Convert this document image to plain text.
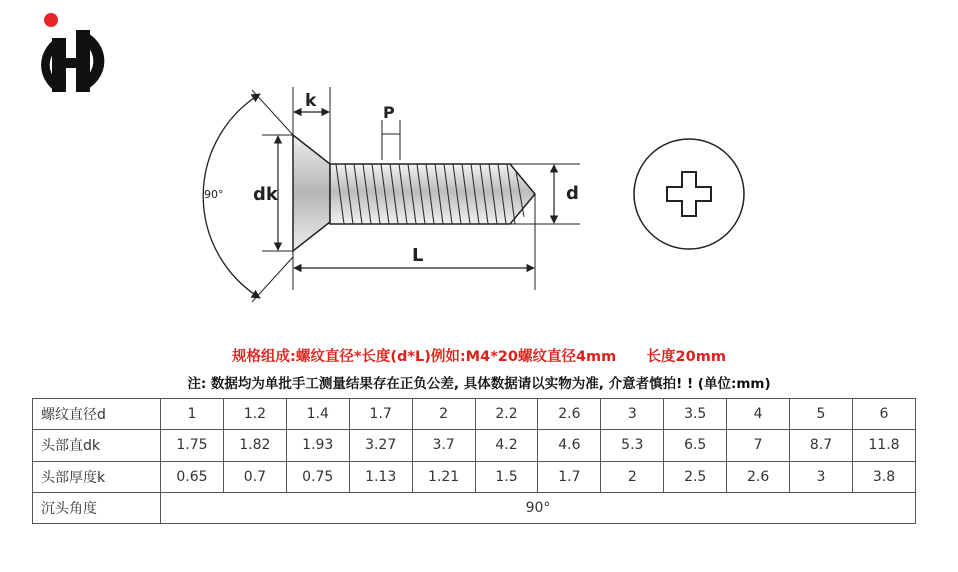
90°
k
P
dk	d
L
规格组成:螺纹直径*长度(d*L)例如:M4*20螺纹直径4mm      长度20mm
注: 数据均为单批手工测量结果存在正负公差, 具体数据请以实物为准, 介意者慎拍! ! (单位:mm)
螺纹直径d	1	1.2	1.4	1.7	2	2.2	2.6	3	3.5	4	5	6
头部直dk	1.75	1.82	1.93	3.27	3.7	4.2	4.6	5.3	6.5	7	8.7	11.8
头部厚度k	0.65	0.7	0.75	1.13	1.21	1.5	1.7	2	2.5	2.6	3	3.8
沉头角度	90°											
